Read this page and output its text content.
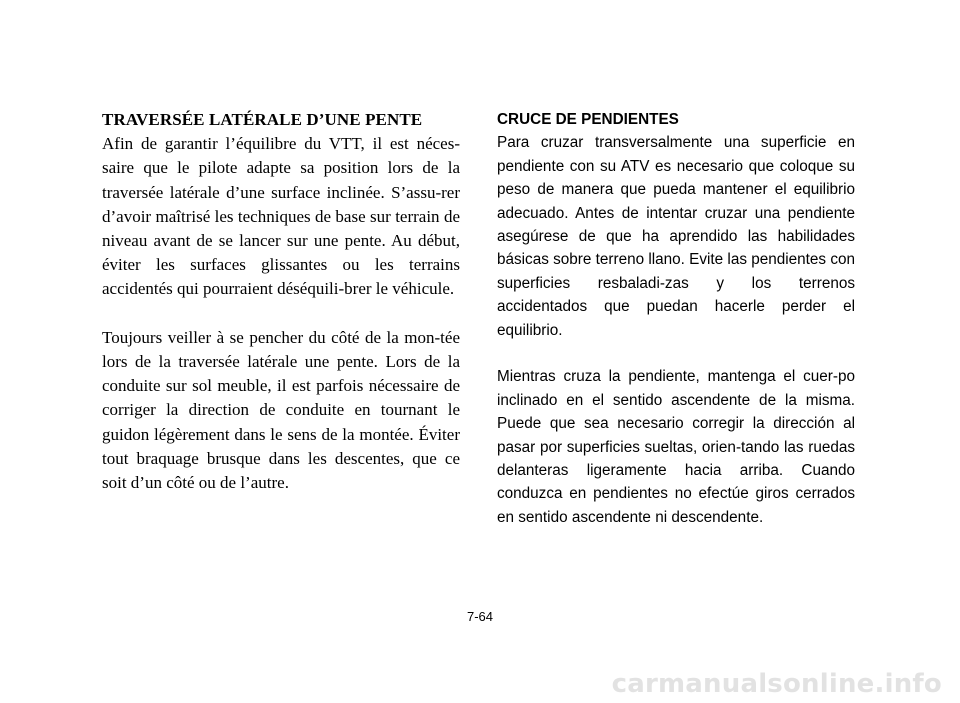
TRAVERSÉE LATÉRALE D’UNE PENTE

Afin de garantir l’équilibre du VTT, il est néces-saire que le pilote adapte sa position lors de la traversée latérale d’une surface inclinée. S’assu-rer d’avoir maîtrisé les techniques de base sur terrain de niveau avant de se lancer sur une pente. Au début, éviter les surfaces glissantes ou les terrains accidentés qui pourraient déséquili-brer le véhicule.

Toujours veiller à se pencher du côté de la mon-tée lors de la traversée latérale une pente. Lors de la conduite sur sol meuble, il est parfois nécessaire de corriger la direction de conduite en tournant le guidon légèrement dans le sens de la montée. Éviter tout braquage brusque dans les descentes, que ce soit d’un côté ou de l’autre.

CRUCE DE PENDIENTES

Para cruzar transversalmente una superficie en pendiente con su ATV es necesario que coloque su peso de manera que pueda mantener el equilibrio adecuado. Antes de intentar cruzar una pendiente asegúrese de que ha aprendido las habilidades básicas sobre terreno llano. Evite las pendientes con superficies resbaladi-zas y los terrenos accidentados que puedan hacerle perder el equilibrio.

Mientras cruza la pendiente, mantenga el cuer-po inclinado en el sentido ascendente de la misma. Puede que sea necesario corregir la dirección al pasar por superficies sueltas, orien-tando las ruedas delanteras ligeramente hacia arriba. Cuando conduzca en pendientes no efectúe giros cerrados en sentido ascendente ni descendente.

7-64
carmanualsonline.info
